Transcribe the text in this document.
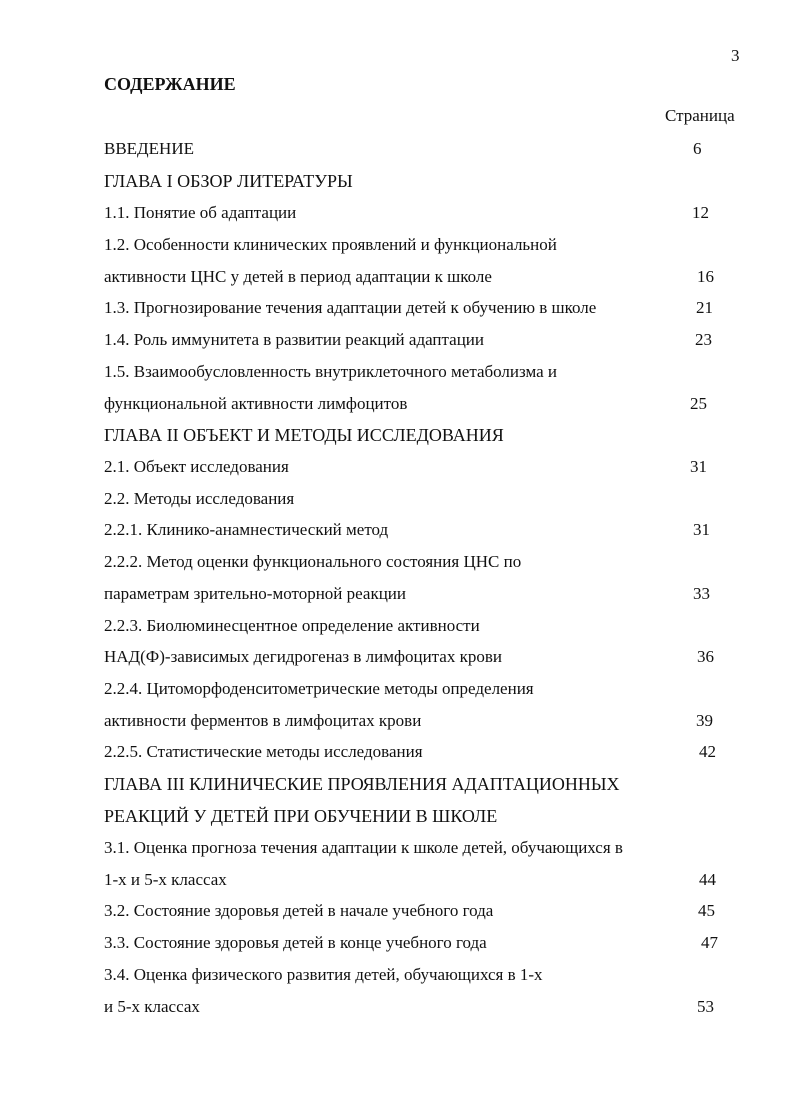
3
СОДЕРЖАНИЕ
Страница
ВВЕДЕНИЕ	6
ГЛАВА I ОБЗОР ЛИТЕРАТУРЫ
1.1. Понятие об адаптации	12
1.2. Особенности клинических проявлений и функциональной
активности ЦНС у детей в период адаптации к школе	16
1.3. Прогнозирование течения адаптации детей к обучению в школе	21
1.4. Роль иммунитета в развитии реакций адаптации	23
1.5. Взаимообусловленность внутриклеточного метаболизма и
функциональной активности лимфоцитов	25
ГЛАВА II ОБЪЕКТ И МЕТОДЫ ИССЛЕДОВАНИЯ
2.1. Объект исследования	31
2.2. Методы исследования
2.2.1. Клинико-анамнестический метод	31
2.2.2. Метод оценки функционального состояния ЦНС по
параметрам зрительно-моторной реакции	33
2.2.3. Биолюминесцентное определение активности
НАД(Ф)-зависимых дегидрогеназ в лимфоцитах крови	36
2.2.4. Цитоморфоденситометрические методы определения
активности ферментов в лимфоцитах крови	39
2.2.5. Статистические методы исследования	42
ГЛАВА III КЛИНИЧЕСКИЕ ПРОЯВЛЕНИЯ АДАПТАЦИОННЫХ
РЕАКЦИЙ У ДЕТЕЙ ПРИ ОБУЧЕНИИ В ШКОЛЕ
3.1. Оценка прогноза течения адаптации к школе детей, обучающихся в
1-х и 5-х классах	44
3.2. Состояние здоровья детей в начале учебного года	45
3.3. Состояние здоровья детей в конце учебного года	47
3.4. Оценка физического развития детей, обучающихся в 1-х
и 5-х классах	53
